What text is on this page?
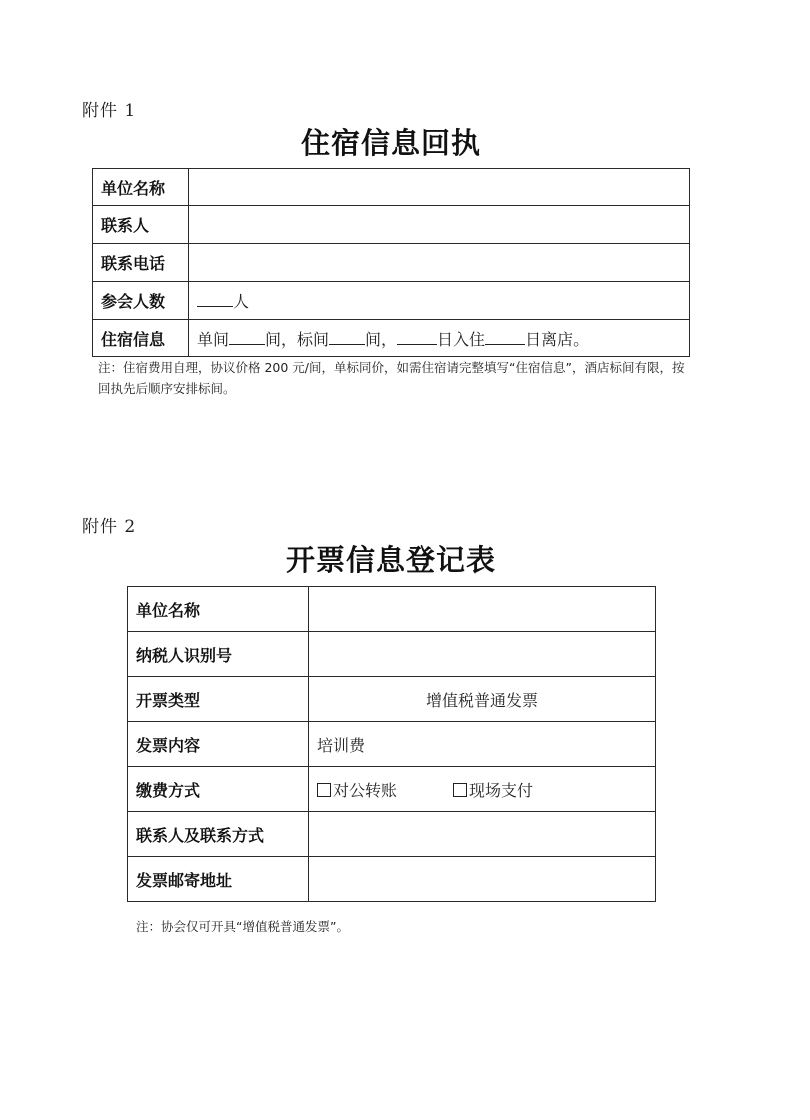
附件 1
住宿信息回执
单位名称	
联系人	
联系电话	
参会人数	人
住宿信息	单间 间，标间 间， 日入住 日离店。
注：住宿费用自理，协议价格 200 元/间，单标同价，如需住宿请完整填写“住宿信息”，酒店标间有限，按回执先后顺序安排标间。
附件 2
开票信息登记表
单位名称	
纳税人识别号	
开票类型	增值税普通发票
发票内容	培训费
缴费方式	对公转账 现场支付
联系人及联系方式	
发票邮寄地址	
注：协会仅可开具“增值税普通发票”。
